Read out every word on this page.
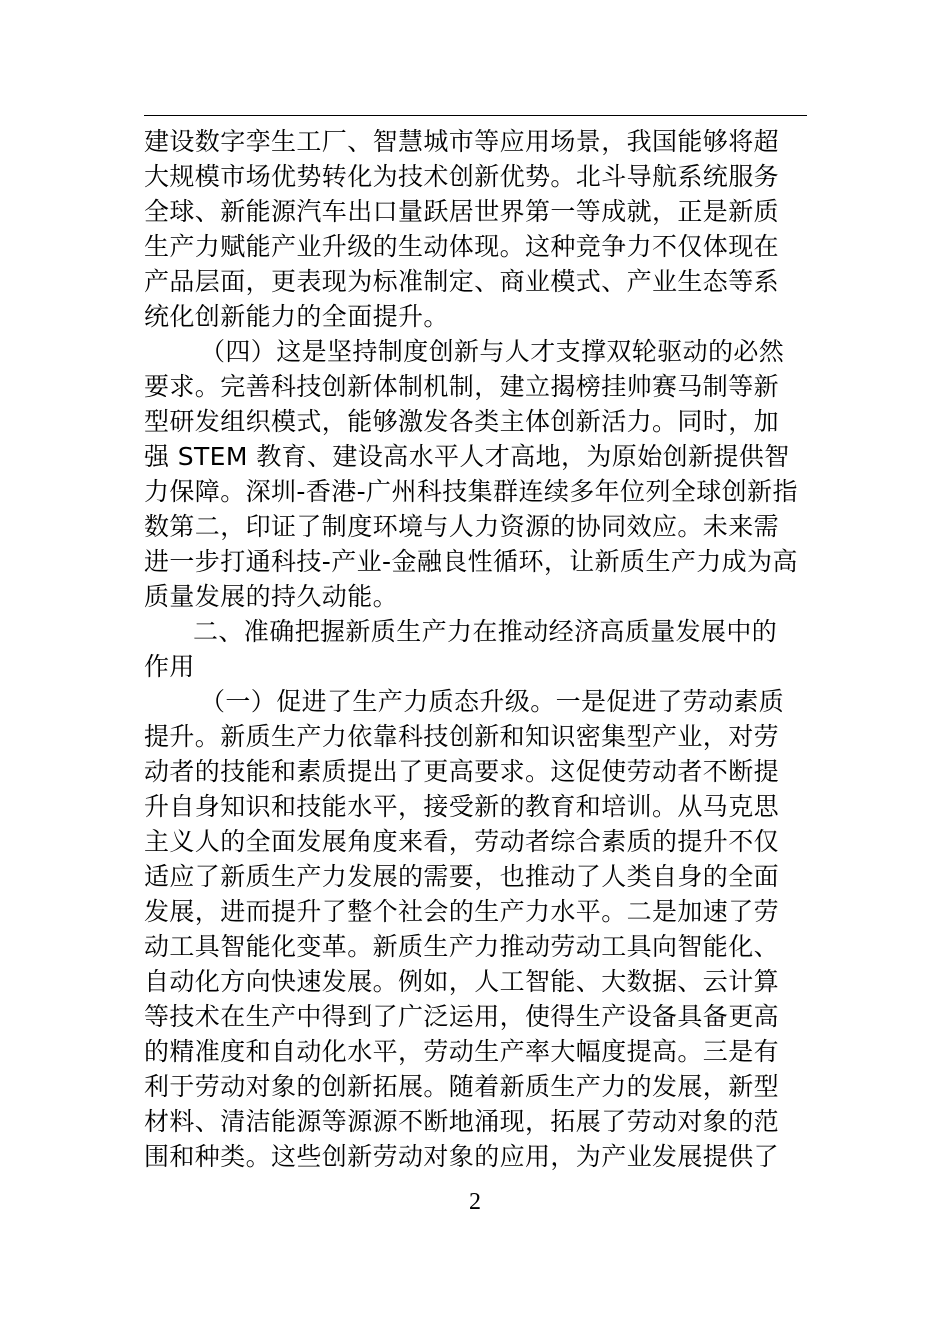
建设数字孪生工厂、智慧城市等应用场景，我国能够将超
大规模市场优势转化为技术创新优势。北斗导航系统服务
全球、新能源汽车出口量跃居世界第一等成就，正是新质
生产力赋能产业升级的生动体现。这种竞争力不仅体现在
产品层面，更表现为标准制定、商业模式、产业生态等系
统化创新能力的全面提升。
（四）这是坚持制度创新与人才支撑双轮驱动的必然
要求。完善科技创新体制机制，建立揭榜挂帅赛马制等新
型研发组织模式，能够激发各类主体创新活力。同时，加
强 STEM 教育、建设高水平人才高地，为原始创新提供智
力保障。深圳-香港-广州科技集群连续多年位列全球创新指
数第二，印证了制度环境与人力资源的协同效应。未来需
进一步打通科技-产业-金融良性循环，让新质生产力成为高
质量发展的持久动能。
二、准确把握新质生产力在推动经济高质量发展中的
作用
（一）促进了生产力质态升级。一是促进了劳动素质
提升。新质生产力依靠科技创新和知识密集型产业，对劳
动者的技能和素质提出了更高要求。这促使劳动者不断提
升自身知识和技能水平，接受新的教育和培训。从马克思
主义人的全面发展角度来看，劳动者综合素质的提升不仅
适应了新质生产力发展的需要，也推动了人类自身的全面
发展，进而提升了整个社会的生产力水平。二是加速了劳
动工具智能化变革。新质生产力推动劳动工具向智能化、
自动化方向快速发展。例如，人工智能、大数据、云计算
等技术在生产中得到了广泛运用，使得生产设备具备更高
的精准度和自动化水平，劳动生产率大幅度提高。三是有
利于劳动对象的创新拓展。随着新质生产力的发展，新型
材料、清洁能源等源源不断地涌现，拓展了劳动对象的范
围和种类。这些创新劳动对象的应用，为产业发展提供了
2
